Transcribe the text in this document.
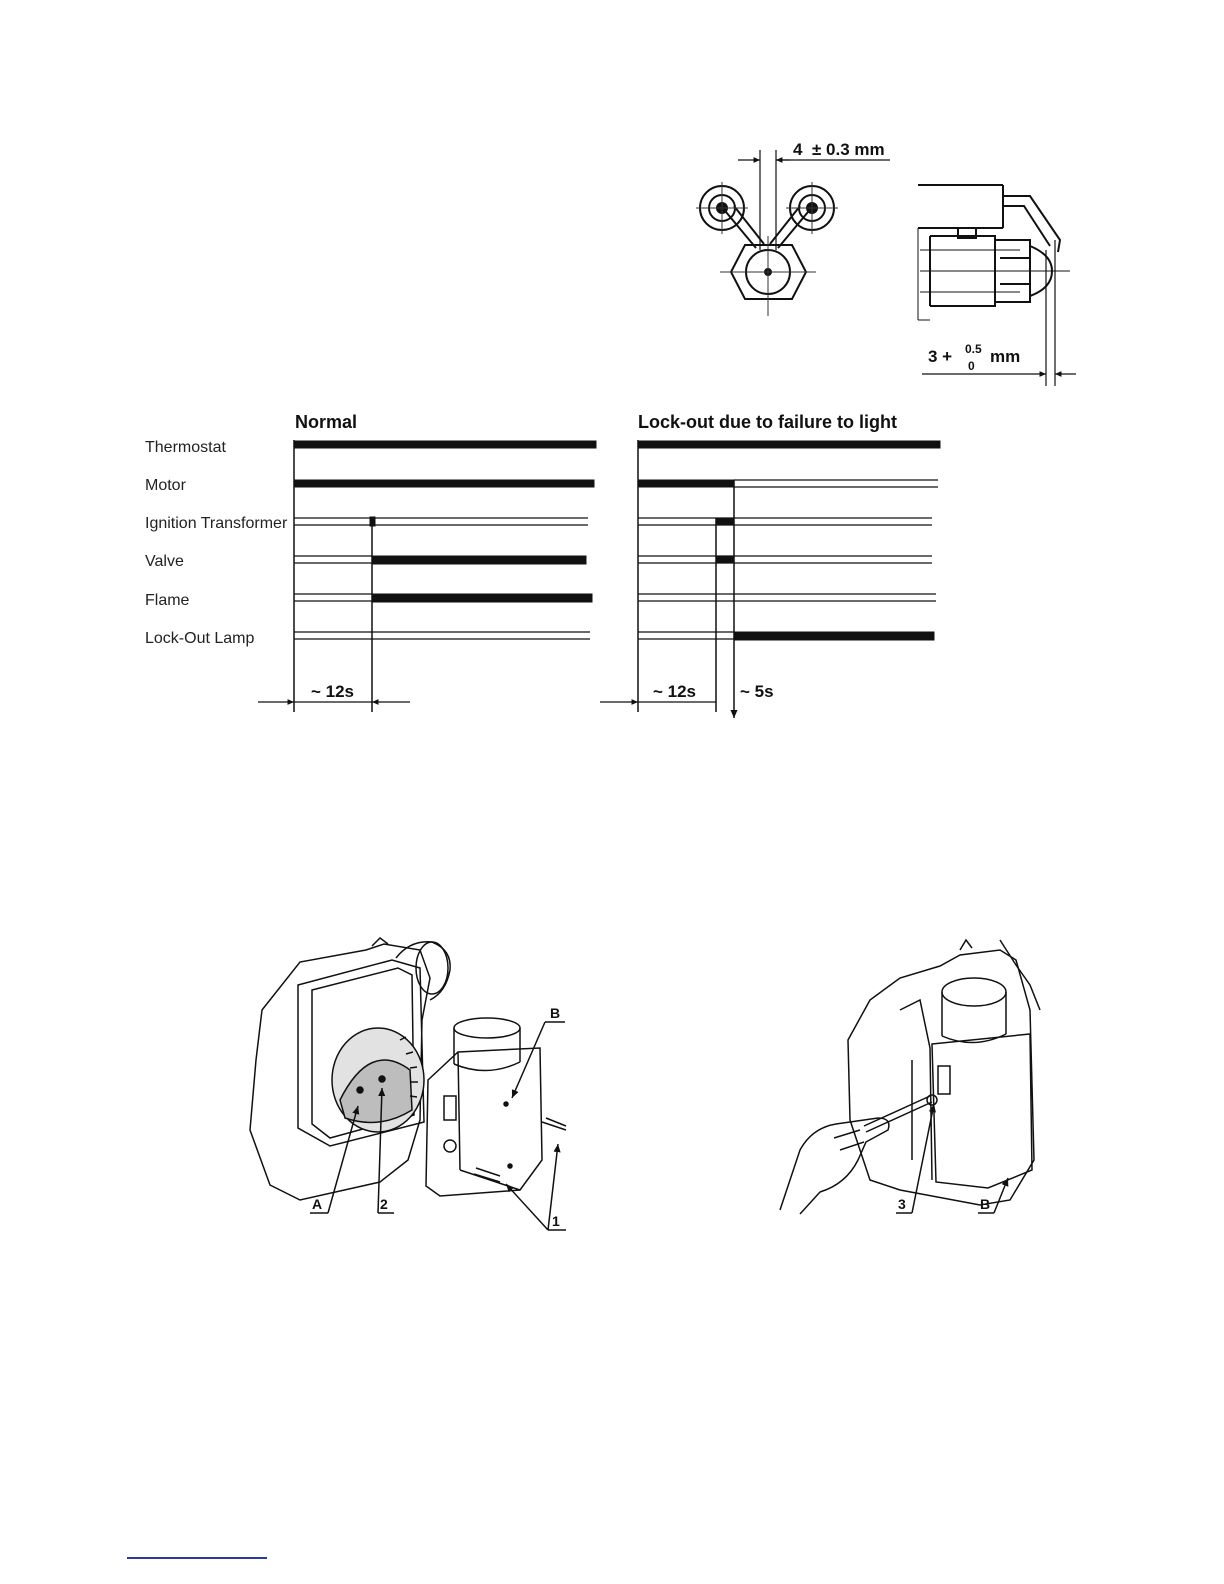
4 ± 0.3 mm
3 + 0.5
0 mm
Normal	Lock-out due to failure to light
Thermostat
Motor
Ignition Transformer
Valve
Flame
Lock-Out Lamp
~ 12s	~ 12s	~ 5s
A	2
B
1
3	B
